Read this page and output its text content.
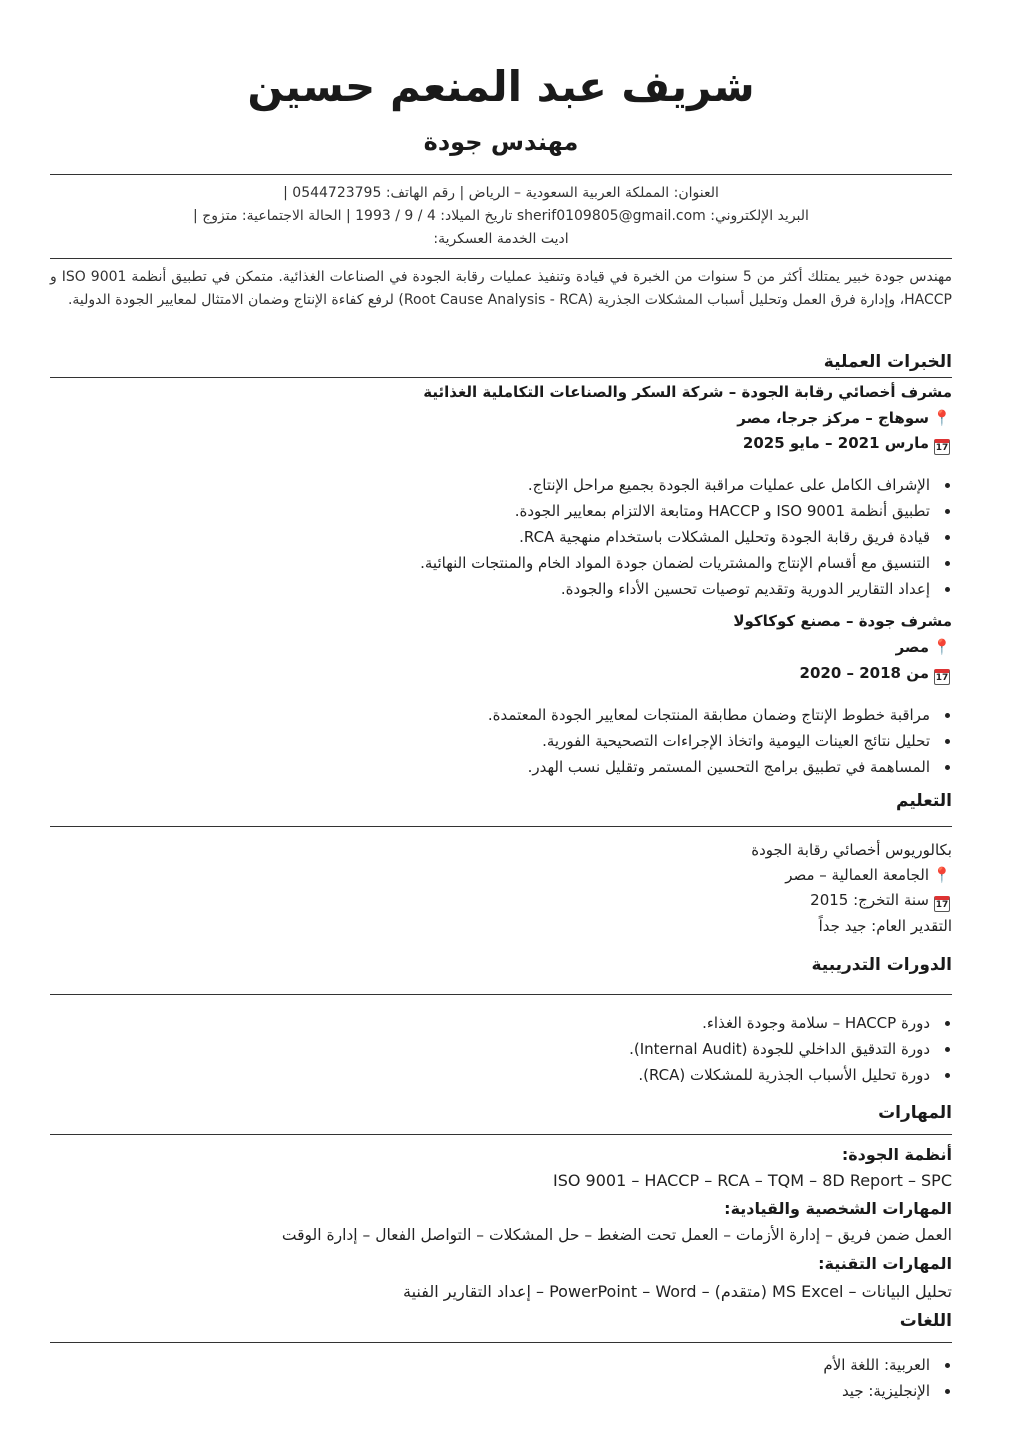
شريف عبد المنعم حسين
مهندس جودة
العنوان: المملكة العربية السعودية – الرياض | رقم الهاتف: 0544723795 |
البريد الإلكتروني: sherif0109805@gmail.com تاريخ الميلاد: 4 / 9 / 1993 | الحالة الاجتماعية: متزوج |
اديت الخدمة العسكرية:
مهندس جودة خبير يمتلك أكثر من 5 سنوات من الخبرة في قيادة وتنفيذ عمليات رقابة الجودة في الصناعات الغذائية. متمكن في تطبيق أنظمة ISO 9001 و HACCP، وإدارة فرق العمل وتحليل أسباب المشكلات الجذرية (Root Cause Analysis - RCA) لرفع كفاءة الإنتاج وضمان الامتثال لمعايير الجودة الدولية.
الخبرات العملية
مشرف أخصائي رقابة الجودة – شركة السكر والصناعات التكاملية الغذائية
📍سوهاج – مركز جرجا، مصر
17مارس 2021 – مايو 2025
• الإشراف الكامل على عمليات مراقبة الجودة بجميع مراحل الإنتاج.
• تطبيق أنظمة ISO 9001 و HACCP ومتابعة الالتزام بمعايير الجودة.
• قيادة فريق رقابة الجودة وتحليل المشكلات باستخدام منهجية RCA.
• التنسيق مع أقسام الإنتاج والمشتريات لضمان جودة المواد الخام والمنتجات النهائية.
• إعداد التقارير الدورية وتقديم توصيات تحسين الأداء والجودة.
مشرف جودة – مصنع كوكاكولا
📍مصر
17من 2018 – 2020
• مراقبة خطوط الإنتاج وضمان مطابقة المنتجات لمعايير الجودة المعتمدة.
• تحليل نتائج العينات اليومية واتخاذ الإجراءات التصحيحية الفورية.
• المساهمة في تطبيق برامج التحسين المستمر وتقليل نسب الهدر.
التعليم
بكالوريوس أخصائي رقابة الجودة
📍الجامعة العمالية – مصر
17سنة التخرج: 2015
التقدير العام: جيد جداً
الدورات التدريبية
• دورة HACCP – سلامة وجودة الغذاء.
• دورة التدقيق الداخلي للجودة (Internal Audit).
• دورة تحليل الأسباب الجذرية للمشكلات (RCA).
المهارات
أنظمة الجودة:
ISO 9001 – HACCP – RCA – TQM – 8D Report – SPC
المهارات الشخصية والقيادية:
العمل ضمن فريق – إدارة الأزمات – العمل تحت الضغط – حل المشكلات – التواصل الفعال – إدارة الوقت
المهارات التقنية:
تحليل البيانات – MS Excel (متقدم) – PowerPoint – Word – إعداد التقارير الفنية
اللغات
• العربية: اللغة الأم
• الإنجليزية: جيد
